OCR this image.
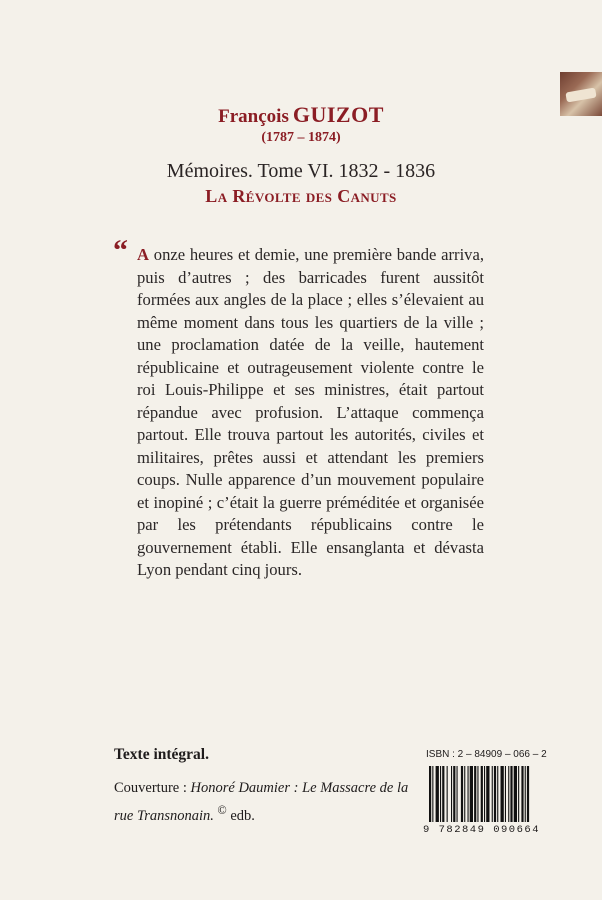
François GUIZOT
(1787 – 1874)
Mémoires. Tome VI. 1832 - 1836
La Révolte des Canuts
“ A onze heures et demie, une première bande arriva, puis d’autres ; des barricades furent aussitôt formées aux angles de la place ; elles s’élevaient au même moment dans tous les quartiers de la ville ; une proclamation datée de la veille, hautement républicaine et outrageusement violente contre le roi Louis-Philippe et ses ministres, était partout répandue avec profusion. L’attaque commença partout. Elle trouva partout les autorités, civiles et militaires, prêtes aussi et attendant les premiers coups. Nulle apparence d’un mouvement populaire et inopiné ; c’était la guerre préméditée et organisée par les prétendants républicains contre le gouvernement établi. Elle ensanglanta et dévasta Lyon pendant cinq jours.
Texte intégral.
Couverture : Honoré Daumier : Le Massacre de la rue Transnonain. © edb.
ISBN : 2 – 84909 – 066 – 2
9 782849 090664
